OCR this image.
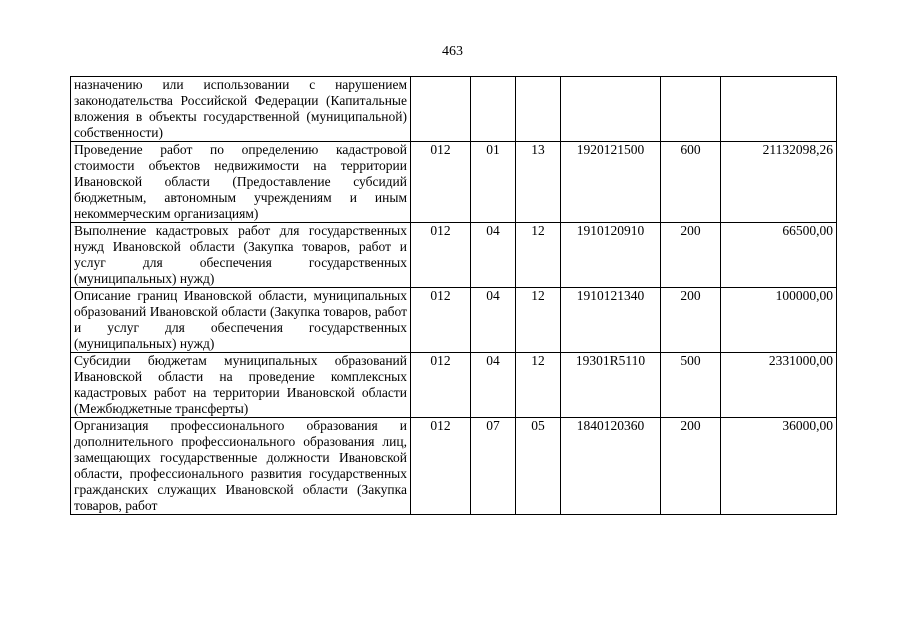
463
назначению или использовании с нарушением законодательства Российской Федерации (Капитальные вложения в объекты государственной (муниципальной) собственности)						
Проведение работ по определению кадастровой стоимости объектов недвижимости на территории Ивановской области (Предоставление субсидий бюджетным, автономным учреждениям и иным некоммерческим организациям)	012	01	13	1920121500	600	21132098,26
Выполнение кадастровых работ для государственных нужд Ивановской области (Закупка товаров, работ и услуг для обеспечения государственных (муниципальных) нужд)	012	04	12	1910120910	200	66500,00
Описание границ Ивановской области, муниципальных образований Ивановской области (Закупка товаров, работ и услуг для обеспечения государственных (муниципальных) нужд)	012	04	12	1910121340	200	100000,00
Субсидии бюджетам муниципальных образований Ивановской области на проведение комплексных кадастровых работ на территории Ивановской области (Межбюджетные трансферты)	012	04	12	19301R5110	500	2331000,00
Организация профессионального образования и дополнительного профессионального образования лиц, замещающих государственные должности Ивановской области, профессионального развития государственных гражданских служащих Ивановской области (Закупка товаров, работ	012	07	05	1840120360	200	36000,00
